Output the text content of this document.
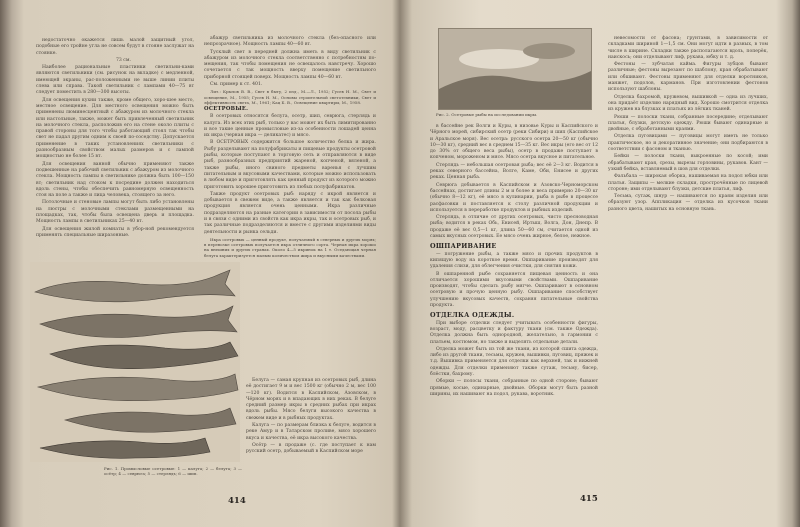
недостаточно окажется лишь малой защитный угол, подобные его тройне угла не совсем будут в стояне заслужат на стоянке.

73 см.

Наиболее рациональные пластинки светильни-ками являются светильники (см. рисунок на вкладке) с медленной, имеющей экраны, рас-положенными не выше линии плиты слева или справа. Такой светильник с лампами 40—75 вт следует поместить в 280—300 высоты.

Для освещения кухни также, кроме общего, хоро-шее место, местное освещение. Для местного освещения можно быть применены люминесцентный с абажуром из молочного стекла или настольные, также, может быть привлеченный светильник на молочного стекла, расположив его на стене около плиты с правой стороны для того чтобы работающий стоял так чтобы свет не падал другим одним к своей по-соседству. Допускается применение в таких установлениях светильники с разнообразным свойством малых размеров и с лампой мощностью не более 15 вт.

Для освещения ванной обычно применяют также подвешенные на рабочий светильник с абажуром из молочного стекла. Мощность лампы в светильнике должна быть 100—150 вт; светильник над стоком к посредине должен находиться вдоль стены, чтобы обеспечить равномерную освещенность стоя на поле а также и лица человека, стоящего за него.

Потолочные и стеновые лампы могут быть либо установлены на люстры с молочными стеклами размещенными на площадках, так, чтобы была освещена дверь и площадка. Мощность лампы в светильниках 25—40 вт.

Для освещения жилой комнаты в убор-ной рекомендуется применять специальные ширазонные.

абажур светильника из молочного стекла (без-опасного или непрозрачное). Мощность лампы 40—60 вт.

Тусклый свет в передней должна иметь в виду светильник с абажуром из молочного стекла соответственно с потребностям по-мещения, так чтобы помещения не освещалось навстречу. Хорошо сочетается с так мощность вверху помещение светильного приборной стоящей поверх. Мощность лампы 40—60 вт.

См. пример к ст. 401.

Лит.: Крылов В. В., Свет в быту, 2 изд., М.—Л., 1952; Гусев Н. М., Свет и освещение, М., 1955; Гусев Н. М., Основы строительной светотехники, Свет и эффективность света, М., 1961; Кац Б. В., Освещение квартиры, М., 1958.

ОСЕТРОВЫЕ.

В осетровых относятся белуга, осетр, шип, севрюга, стерлядь и калуга. Из всех этих рыб, только у вас может их быть лимитированно и все такие ценные промысловые из-за особенности лошадей ценна их икра (черная икра — деликатес) и мясо.

В ОСЕТРОВЫХ содержится большое количество белка и жира. Рыбу разделывают на полуфабрикаты и пищевые продукты осетровой рыбы, которые поступают в торговую сеть и отправляются в виде рыб, разнообразных предприятий жареной, копченой, вяленой, а также рыбы, иного свиного предметы варенья с лучшим питательным и вкусовыми качествами, которые можно использовать в любом виде и приготовлять как ценный продукт из которого можно приготовить хорошее приготовить из любых полуфабрикатов.

Также продукт осетровых рыб: наряду с икрой является и добывается в свежем виде, а также является и так как белковая продукция является очень ценными. Икра различные подразделяются на разные категории в зависимости от посола рыбы и в связи с одними из свойств как икра икры, так и осетровых рыб, и так различные подразделяются и вместе с другими изделиями виды деятельности и рынка сельди.

Икра осетровых — ценный продукт, получаемый в северных и других морях; в перевозке осетровых получается икра отличного сорта. Черная икра хорошо на внешних и других странах. Около 4—5 икринок на 1 т. Оседающая черная белуга характеризуется малым количеством жира и вкусными качествами.

Белуга — самая крупная из осетровых рыб, длина её достигает 9 м и вес 1500 кг (обычно 2 м, вес 100—120 кг). Водится в Каспийском, Азовском, в Чёрном морях и в впадающих в них реках. В белуге средний размер икры в средних рыбах при икрах вдоль рыбы. Мясо белуги высокого качества в свежем виде и в рыбных продуктах.

Калуга — по размерам близка к белуге, водится в реке Амур и в Татарском проливе, мясо хорошего вкуса и качества, её икра высокого качества.

Осётр — в продаже (с. где поступает к нам русский осетр, добываемый в Каспийском море

Рис. 1. Промысловые осетровые: 1 — калуга; 2 — белуга; 3 — осётр; 4 — севрюга; 5 — стерлядь; 6 — шип.
414
Рис. 2. Осетровые рыбы на исследовании икры.

в бассейне рек Волги и Куры, в низовье Куры и Каспийского и Чёрного морей, сибирский осетр (реки Сибири) и шип (Каспийское и Аральское моря). Вес осетра: русского осетра 20—50 кг (обычно 10—30 кг), средний вес в среднем 15—35 кг. Вес икры (его вес от 12 до 30% от общего веса рыбы), осетр в продаже поступает в копченом, мороженом и мясе. Мясо осетра вкусное и питательное.

Стерлядь — небольшая осетровая рыба; вес её 2—3 кг. Водится в реках северного бассейна, Волге, Каме, Оби, Енисее и других реках. Ценная рыба.

Севрюга добывается в Каспийском и Азовско-Черноморском бассейнах, достигает длины 2 м и более и веса примерно 20—30 кг (обычно 8—12 кг), её мясо в кулинарии, рыба в рыбе в процессе расфасовки и поставляется к столу различной продукции и используется в переработке продуктов и рыбных изделий.

Стерлядь, в отличие от других осетровых, чисто пресноводная рыба; водится в реках Обь, Енисей, Иртыш, Волга, Дон, Днепр. В продаже её вес 0,5—1 кг, длина 50—60 см, считается одной из самых вкусных осетровых. Ее мясо очень жирное, белое, нежное.

ОШПАРИВАНИЕ

— погружение рыбы, а также мясо и прочих продуктов в кипящую воду на короткое время. Ошпаривание производят для удаления слизи, для облегчения очистки, для снятия кожи.

В ошпаренной рыбе сохраняется пищевая ценность и она отличается хорошими вкусовыми свойствами. Ошпаривание производят, чтобы сделать рыбу мягче. Ошпаривают в основном осетровую и прочую ценную рыбу. Ошпаривание способствует улучшению вкусовых качеств, сохраняя питательные свойства продукта.

ОТДЕЛКА ОДЕЖДЫ.

При выборе отделки следует учитывать особенности фигуры, возраст, моду, расцветку и фактуру ткани (см. также Одежда). Отделка должна быть однородной, желательно, в гармонии с платьем, костюмом, но также и выделять отдельные детали.

Отделка может быть из той же ткани, из которой сшита одежда, либо из другой ткани, тесьмы, кружев, вышивки, пуговиц, пряжек и т.д. Вышивка применяется для отделки как верхней, так и нижней одежды. Для отделки применяют также сутаж, тесьму, бисер, блёстки, бахрому.

Оборки — полосы ткани, собранные по одной стороне; бывают прямые, косые, одинарные, двойные. Оборки могут быть разной ширины, их нашивают на подол, рукава, воротник.

невесомости от фасона; грунтами, в зависимости от складками шириной 1—1,5 см. Они могут идти в разных, в том числе в ширине. Складки также располагаются вдоль, поперёк, наискось; они отделывают лиф, рукава, юбку и т. д.

Фестоны — зубчатая кайма. Фигуры зубцов бывают различные; фестоны вырезают по шаблону, края обрабатывают или обшивают. Фестоны применяют для отделки воротников, манжет, подолов, карманов. При изготовлении фестонов используют шаблоны.

Отделка бахромой, кружевом, вышивкой — одна из лучших, она придаёт изделию нарядный вид. Хорошо смотрится отделка из кружев на блузках и платьях из лёгких тканей.

Рюши — полоски ткани, собранные посередине; отделывают платья, блузки, детскую одежду. Рюши бывают одинарные и двойные, с обработанными краями.

Отделка пуговицами — пуговицы могут иметь не только практическое, но и декоративное значение; они подбираются в соответствии с фасоном и тканью.

Бейки — полоски ткани, выкроенные по косой; ими обрабатывают края, срезы, вырезы горловины, рукавов. Кант — узкий бейка, вставляемый в шов для отделки.

Фальбала — широкая оборка, нашиваемая на подол юбки или платья. Защипы — мелкие складки, прострочённые по лицевой стороне; ими отделывают блузки, детские платья, лиф.

Тесьма, сутаж, шнур — нашиваются по краям изделия или образуют узор. Аппликация — отделка из кусочков ткани разного цвета, нашитых на основную ткань.

415
